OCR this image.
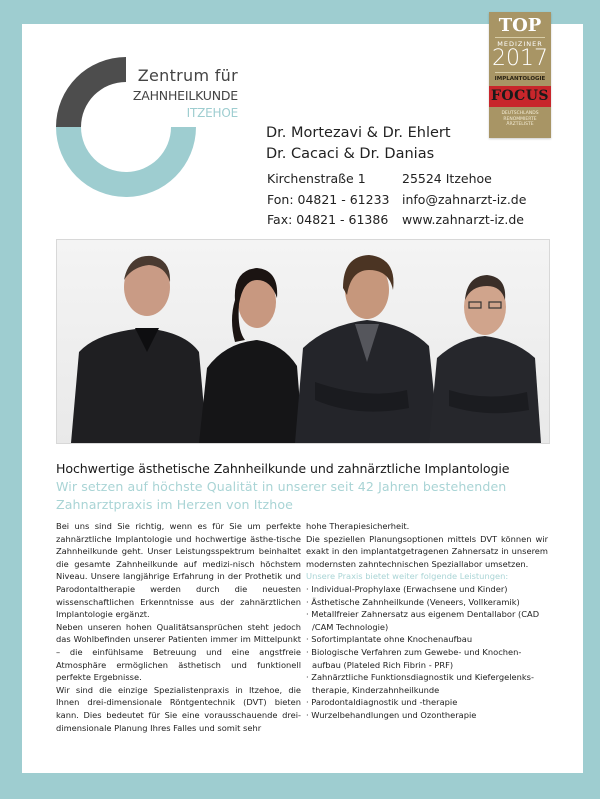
Zentrum für
ZAHNHEILKUNDE
ITZEHOE
TOP
MEDIZINER
2017
IMPLANTOLOGIE
FOCUS
DEUTSCHLANDS
RENOMMIERTE
ÄRZTELISTE
Dr. Mortezavi & Dr. Ehlert
Dr. Cacaci & Dr. Danias
Kirchenstraße 1	25524 Itzehoe
Fon: 04821 - 61233 info@zahnarzt-iz.de
Fax: 04821 - 61386 www.zahnarzt-iz.de
Hochwertige ästhetische Zahnheilkunde und zahnärztliche Implantologie
Wir setzen auf höchste Qualität in unserer seit 42 Jahren bestehenden Zahnarztpraxis im Herzen von Itzhoe

Bei uns sind Sie richtig, wenn es für Sie um perfekte zahnärztliche Implantologie und hochwertige ästhe-tische Zahnheilkunde geht. Unser Leistungsspektrum beinhaltet die gesamte Zahnheilkunde auf medizi-nisch höchstem Niveau. Unsere langjährige Erfahrung in der Prothetik und Parodontaltherapie werden durch die neuesten wissenschaftlichen Erkenntnisse aus der zahnärztlichen Implantologie ergänzt.

Neben unseren hohen Qualitätsansprüchen steht jedoch das Wohlbefinden unserer Patienten immer im Mittelpunkt – die einfühlsame Betreuung und eine angstfreie Atmosphäre ermöglichen ästhetisch und funktionell perfekte Ergebnisse.

Wir sind die einzige Spezialistenpraxis in Itzehoe, die Ihnen drei-dimensionale Röntgentechnik (DVT) bieten kann. Dies bedeutet für Sie eine vorausschauende drei-dimensionale Planung Ihres Falles und somit sehr

hohe Therapiesicherheit.

Die speziellen Planungsoptionen mittels DVT können wir exakt in den implantatgetragenen Zahnersatz in unserem modernsten zahntechnischen Speziallabor umsetzen.

Unsere Praxis bietet weiter folgende Leistungen:

· Individual-Prophylaxe (Erwachsene und Kinder)
· Ästhetische Zahnheilkunde (Veneers, Vollkeramik)
· Metallfreier Zahnersatz aus eigenem Dentallabor (CAD /CAM Technologie)
· Sofortimplantate ohne Knochenaufbau
· Biologische Verfahren zum Gewebe- und Knochen-aufbau (Plateled Rich Fibrin - PRF)
· Zahnärztliche Funktionsdiagnostik und Kiefergelenks-therapie, Kinderzahnheilkunde
· Parodontaldiagnostik und -therapie
· Wurzelbehandlungen und Ozontherapie
